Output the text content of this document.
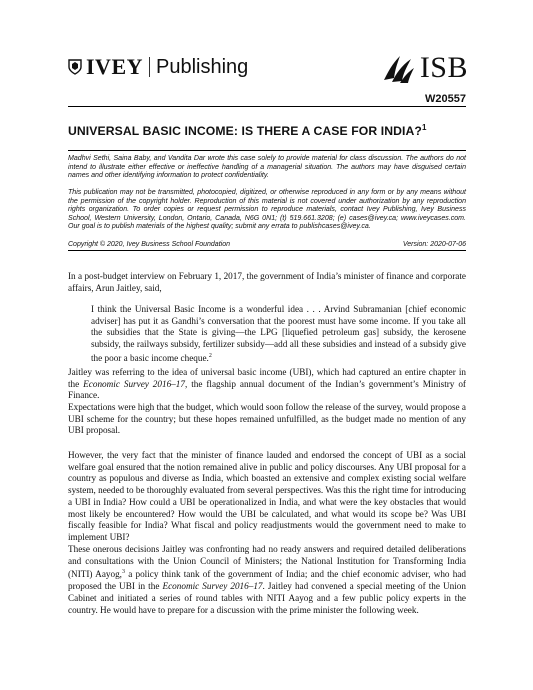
IVEY Publishing	ISB
W20557
UNIVERSAL BASIC INCOME: IS THERE A CASE FOR INDIA?$^1$
Madhvi Sethi, Saina Baby, and Vandita Dar wrote this case solely to provide material for class discussion. The authors do not intend to illustrate either effective or ineffective handling of a managerial situation. The authors may have disguised certain names and other identifying information to protect confidentiality.
This publication may not be transmitted, photocopied, digitized, or otherwise reproduced in any form or by any means without the permission of the copyright holder. Reproduction of this material is not covered under authorization by any reproduction rights organization. To order copies or request permission to reproduce materials, contact Ivey Publishing, Ivey Business School, Western University, London, Ontario, Canada, N6G 0N1; (t) 519.661.3208; (e) cases@ivey.ca; www.iveycases.com. Our goal is to publish materials of the highest quality; submit any errata to publishcases@ivey.ca.
Copyright © 2020, Ivey Business School Foundation	Version: 2020-07-06
In a post-budget interview on February 1, 2017, the government of India’s minister of finance and corporate affairs, Arun Jaitley, said,
I think the Universal Basic Income is a wonderful idea . . . Arvind Subramanian [chief economic adviser] has put it as Gandhi’s conversation that the poorest must have some income. If you take all the subsidies that the State is giving—the LPG [liquefied petroleum gas] subsidy, the kerosene subsidy, the railways subsidy, fertilizer subsidy—add all these subsidies and instead of a subsidy give the poor a basic income cheque.$^2$
Jaitley was referring to the idea of universal basic income (UBI), which had captured an entire chapter in the Economic Survey 2016–17, the flagship annual document of the Indian’s government’s Ministry of Finance.
Expectations were high that the budget, which would soon follow the release of the survey, would propose a UBI scheme for the country; but these hopes remained unfulfilled, as the budget made no mention of any UBI proposal.
However, the very fact that the minister of finance lauded and endorsed the concept of UBI as a social welfare goal ensured that the notion remained alive in public and policy discourses. Any UBI proposal for a country as populous and diverse as India, which boasted an extensive and complex existing social welfare system, needed to be thoroughly evaluated from several perspectives. Was this the right time for introducing a UBI in India? How could a UBI be operationalized in India, and what were the key obstacles that would most likely be encountered? How would the UBI be calculated, and what would its scope be? Was UBI fiscally feasible for India? What fiscal and policy readjustments would the government need to make to implement UBI?
These onerous decisions Jaitley was confronting had no ready answers and required detailed deliberations and consultations with the Union Council of Ministers; the National Institution for Transforming India (NITI) Aayog,$^3$ a policy think tank of the government of India; and the chief economic adviser, who had proposed the UBI in the Economic Survey 2016–17. Jaitley had convened a special meeting of the Union Cabinet and initiated a series of round tables with NITI Aayog and a few public policy experts in the country. He would have to prepare for a discussion with the prime minister the following week.
